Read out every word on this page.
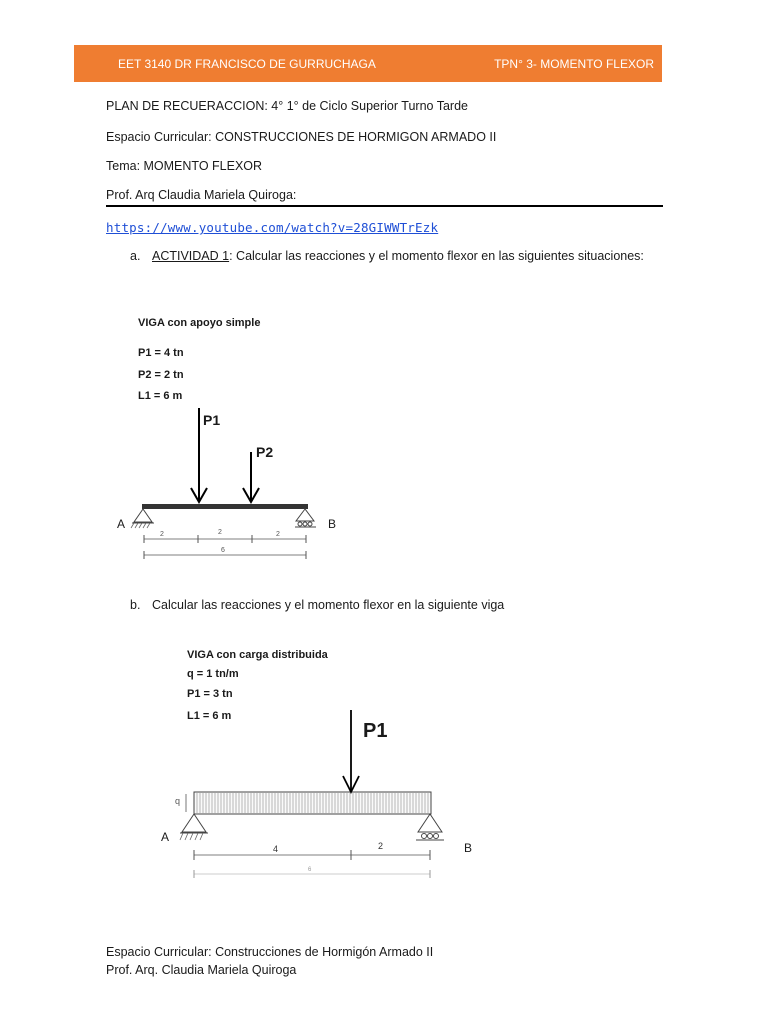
EET 3140 DR FRANCISCO DE GURRUCHAGA	TPN° 3- MOMENTO FLEXOR
PLAN DE RECUERACCION: 4° 1° de Ciclo Superior Turno Tarde
Espacio Curricular: CONSTRUCCIONES DE HORMIGON ARMADO II
Tema: MOMENTO FLEXOR
Prof. Arq Claudia Mariela Quiroga:
https://www.youtube.com/watch?v=28GIWWTrEzk
a. ACTIVIDAD 1: Calcular las reacciones y el momento flexor en las siguientes situaciones:
VIGA con apoyo simple
P1 = 4 tn
P2 = 2 tn
L1 = 6 m
P1
P2
A	B
2	2	2
6
b. Calcular las reacciones y el momento flexor en la siguiente viga
VIGA con carga distribuida
q = 1 tn/m
P1 = 3 tn
L1 = 6 m
P1
q
A
B
4	2
6
Espacio Curricular: Construcciones de Hormigón Armado II
Prof. Arq. Claudia Mariela Quiroga
